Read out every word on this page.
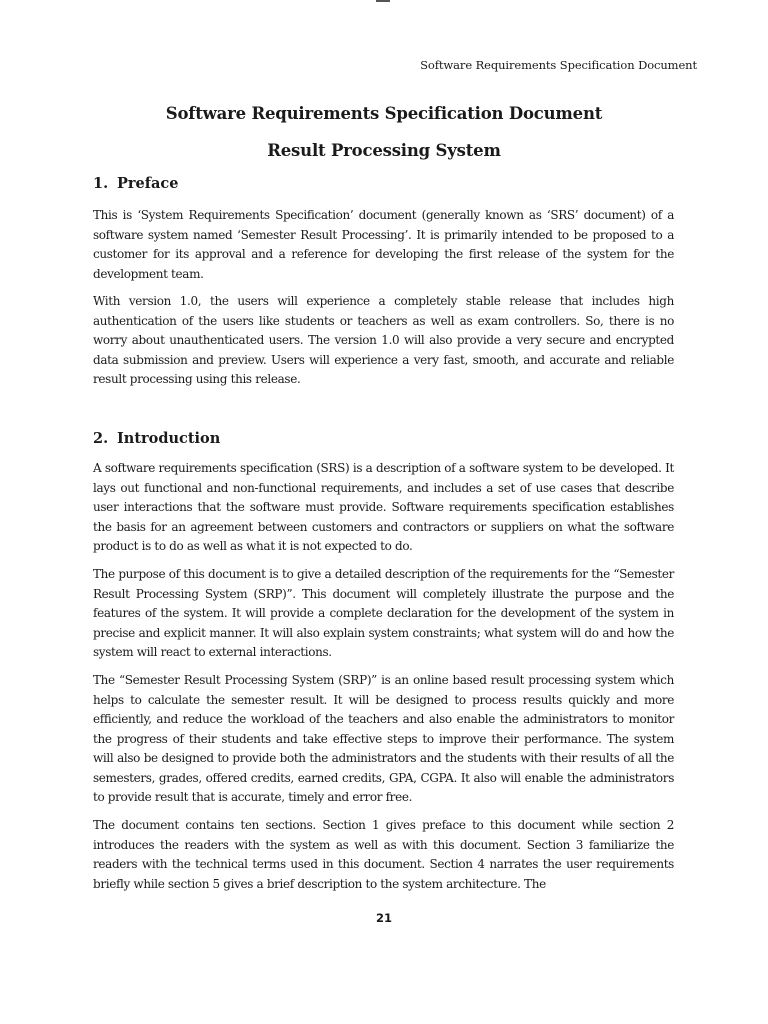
Software Requirements Specification Document
Software Requirements Specification Document
Result Processing System
1. Preface
This is ‘System Requirements Specification’ document (generally known as ‘SRS’ document) of a software system named ‘Semester Result Processing’. It is primarily intended to be proposed to a customer for its approval and a reference for developing the first release of the system for the development team.
With version 1.0, the users will experience a completely stable release that includes high authentication of the users like students or teachers as well as exam controllers. So, there is no worry about unauthenticated users. The version 1.0 will also provide a very secure and encrypted data submission and preview. Users will experience a very fast, smooth, and accurate and reliable result processing using this release.
2. Introduction
A software requirements specification (SRS) is a description of a software system to be developed. It lays out functional and non-functional requirements, and includes a set of use cases that describe user interactions that the software must provide. Software requirements specification establishes the basis for an agreement between customers and contractors or suppliers on what the software product is to do as well as what it is not expected to do.
The purpose of this document is to give a detailed description of the requirements for the “Semester Result Processing System (SRP)”. This document will completely illustrate the purpose and the features of the system. It will provide a complete declaration for the development of the system in precise and explicit manner. It will also explain system constraints; what system will do and how the system will react to external interactions.
The “Semester Result Processing System (SRP)” is an online based result processing system which helps to calculate the semester result. It will be designed to process results quickly and more efficiently, and reduce the workload of the teachers and also enable the administrators to monitor the progress of their students and take effective steps to improve their performance. The system will also be designed to provide both the administrators and the students with their results of all the semesters, grades, offered credits, earned credits, GPA, CGPA. It also will enable the administrators to provide result that is accurate, timely and error free.
The document contains ten sections. Section 1 gives preface to this document while section 2 introduces the readers with the system as well as with this document. Section 3 familiarize the readers with the technical terms used in this document. Section 4 narrates the user requirements briefly while section 5 gives a brief description to the system architecture. The
21
